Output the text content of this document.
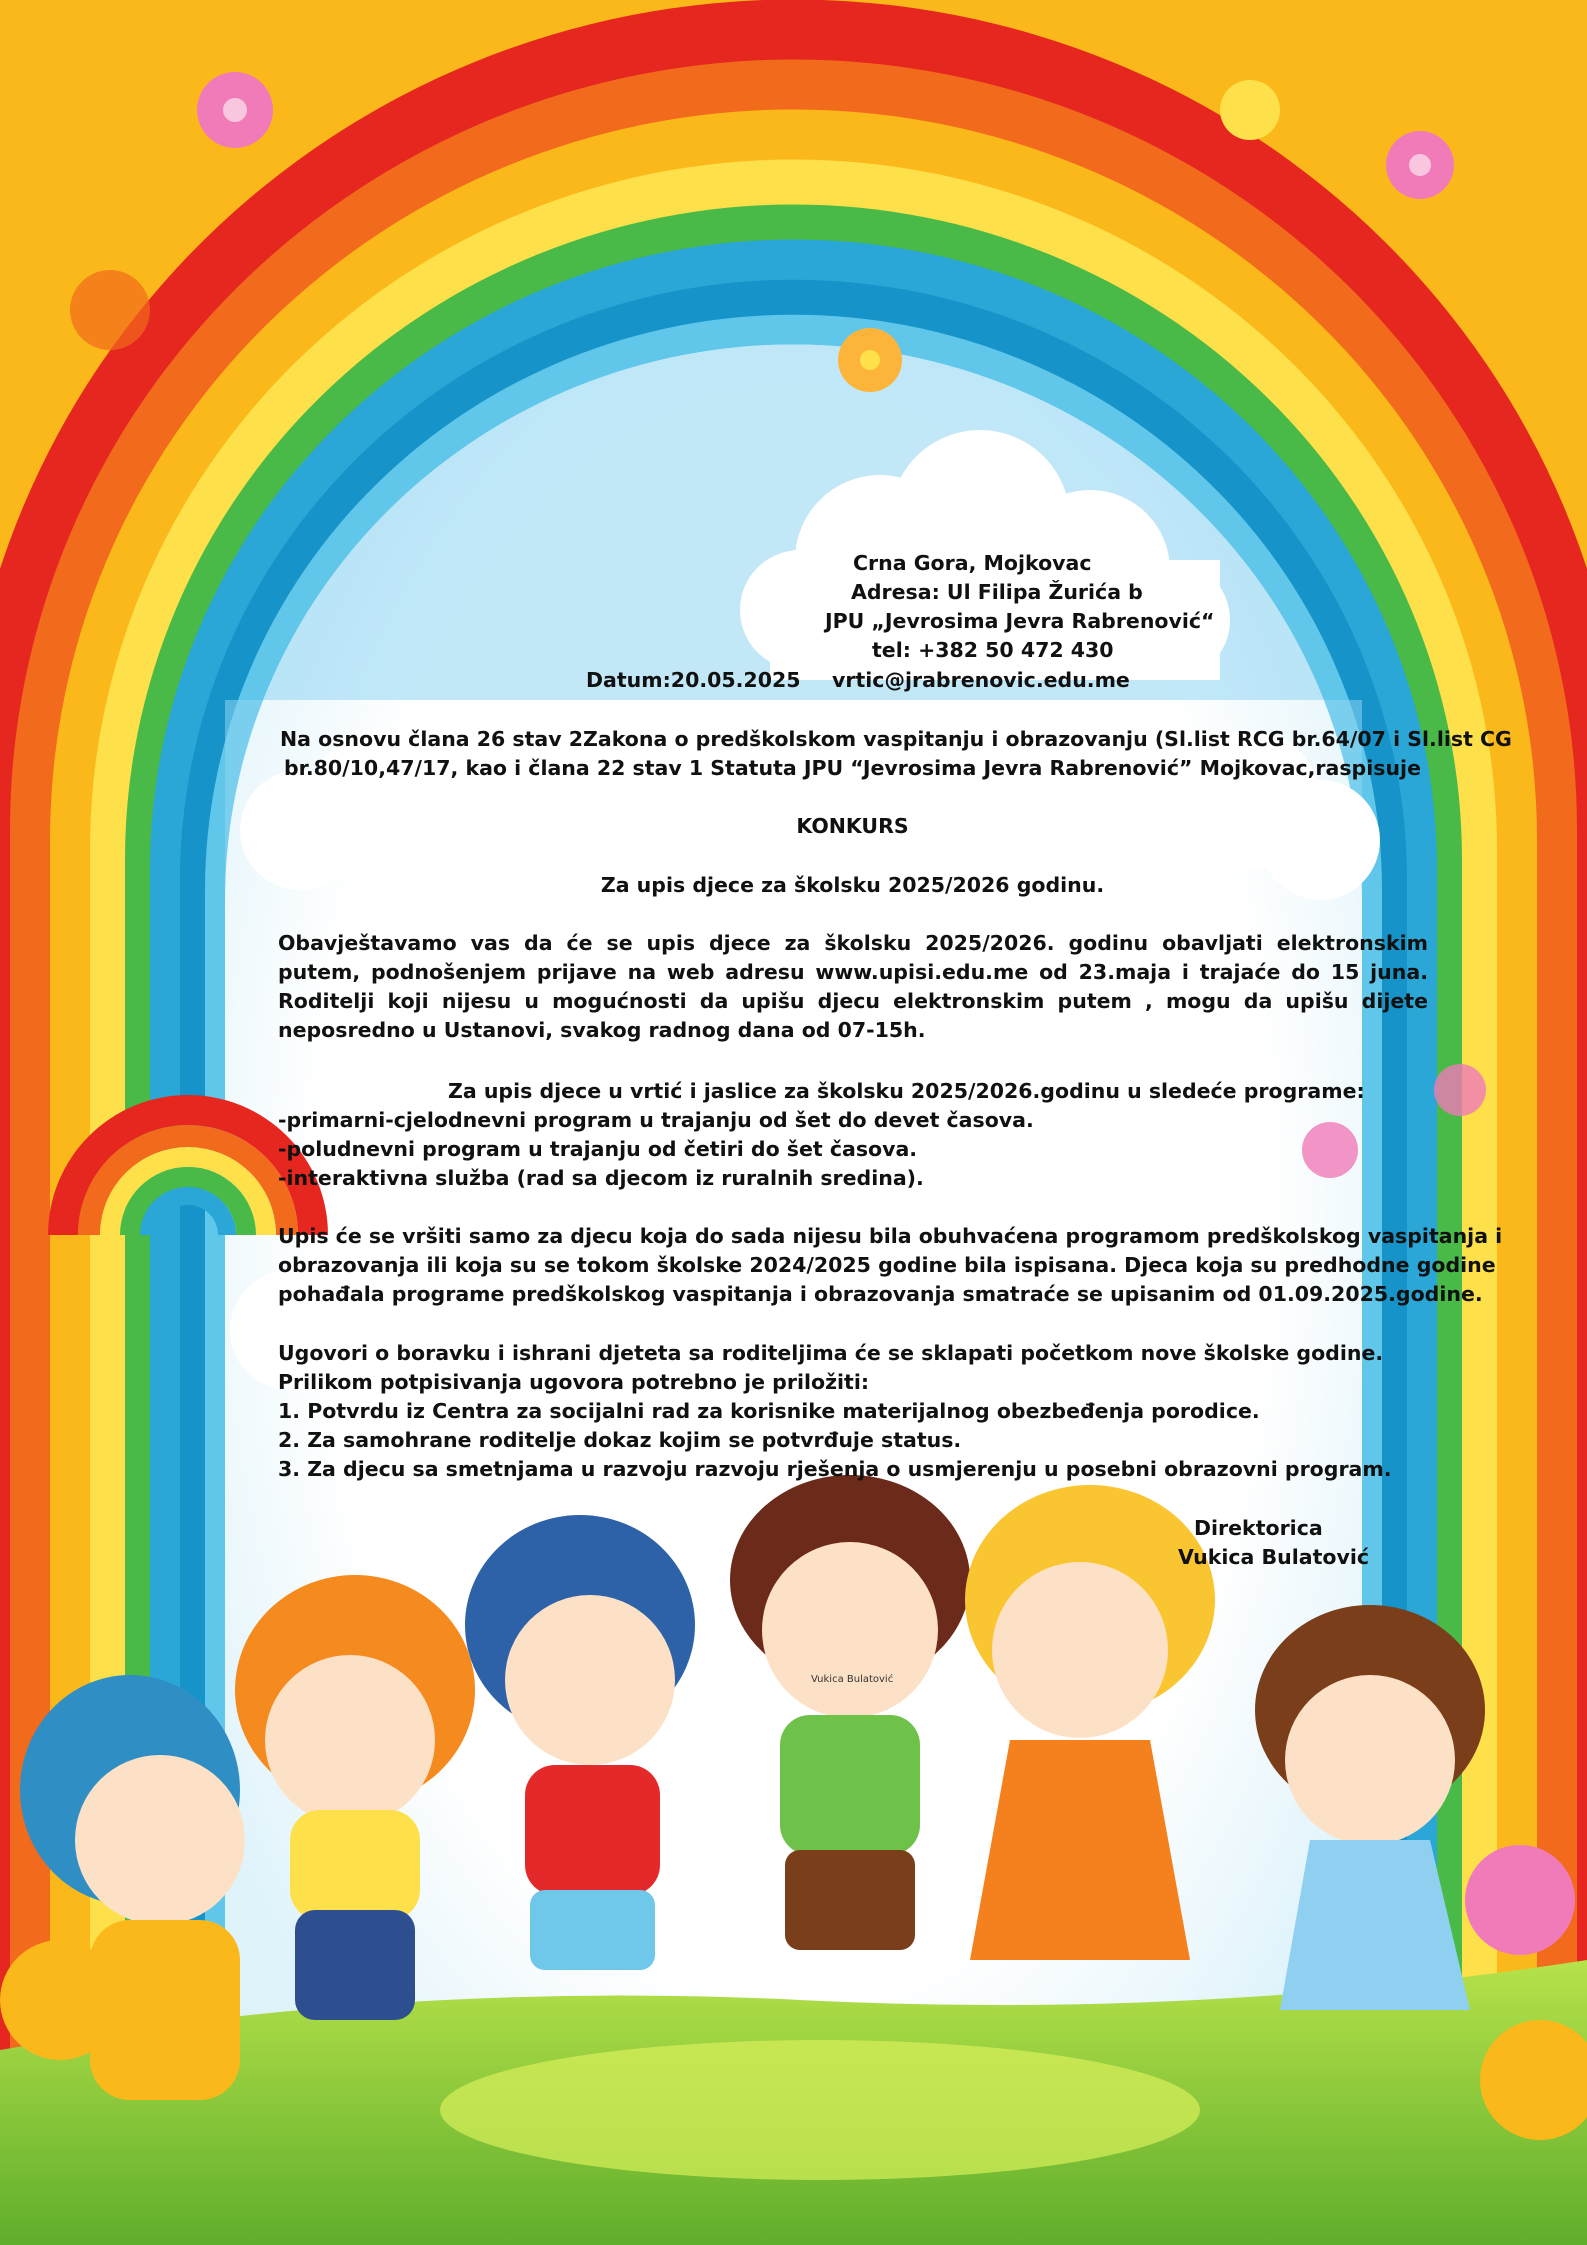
Crna Gora, Mojkovac
Adresa: Ul Filipa Žurića b
JPU „Jevrosima Jevra Rabrenović“
tel: +382 50 472 430
Datum:20.05.2025 vrtic@jrabrenovic.edu.me
Na osnovu člana 26 stav 2Zakona o predškolskom vaspitanju i obrazovanju (Sl.list RCG br.64/07 i Sl.list CG
br.80/10,47/17, kao i člana 22 stav 1 Statuta JPU “Jevrosima Jevra Rabrenović” Mojkovac,raspisuje
KONKURS
Za upis djece za školsku 2025/2026 godinu.
Obavještavamo vas da će se upis djece za školsku 2025/2026. godinu obavljati elektronskim putem, podnošenjem prijave na web adresu www.upisi.edu.me od 23.maja i trajaće do 15 juna. Roditelji koji nijesu u mogućnosti da upišu djecu elektronskim putem , mogu da upišu dijete neposredno u Ustanovi, svakog radnog dana od 07-15h.
Za upis djece u vrtić i jaslice za školsku 2025/2026.godinu u sledeće programe:
-primarni-cjelodnevni program u trajanju od šet do devet časova.
-poludnevni program u trajanju od četiri do šet časova.
-interaktivna služba (rad sa djecom iz ruralnih sredina).
Upis će se vršiti samo za djecu koja do sada nijesu bila obuhvaćena programom predškolskog vaspitanja i
obrazovanja ili koja su se tokom školske 2024/2025 godine bila ispisana. Djeca koja su predhodne godine
pohađala programe predškolskog vaspitanja i obrazovanja smatraće se upisanim od 01.09.2025.godine.
Ugovori o boravku i ishrani djeteta sa roditeljima će se sklapati početkom nove školske godine.
Prilikom potpisivanja ugovora potrebno je priložiti:
1. Potvrdu iz Centra za socijalni rad za korisnike materijalnog obezbeđenja porodice.
2. Za samohrane roditelje dokaz kojim se potvrđuje status.
3. Za djecu sa smetnjama u razvoju razvoju rješenja o usmjerenju u posebni obrazovni program.
Direktorica
Vukica Bulatović
Vukica Bulatović
